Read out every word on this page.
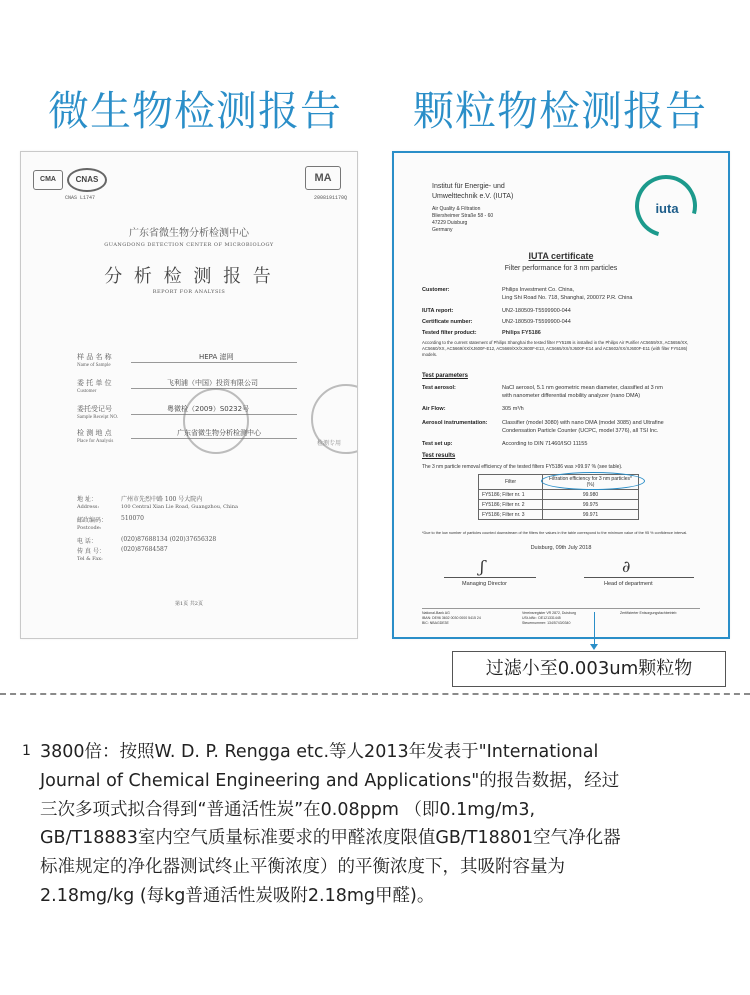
微生物检测报告 颗粒物检测报告
CMA	CNAS
CNAS L1747
MA
2008191170Q
广东省微生物分析检测中心
GUANGDONG DETECTION CENTER OF MICROBIOLOGY
分 析 检 测 报 告
REPORT FOR ANALYSIS
样 品 名 称
Name of Sample
HEPA 滤网
委 托 单 位
Customer
飞利浦（中国）投资有限公司
委托受记号
Sample Receipt NO.
粤微检（2009）S0232号
检 测 地 点
Place for Analysis
广东省微生物分析检测中心
检测专用
地 址：	广州市先烈中路 100 号大院内
Address:	100 Central Xian Lie Road, Guangzhou, China
邮政编码： 510070
Postcode:
电 话：	(020)87688134 (020)37656328
传 真 号：	(020)87684587
Tel & Fax:
第1页 共2页
Institut für Energie- und
Umwelttechnik e.V. (IUTA)
Air Quality & Filtration
Bliersheimer Straße 58 - 60
47229 Duisburg
Germany
iuta
IUTA certificate
Filter performance for 3 nm particles
Customer:	Philips Investment Co. China,
Ling Shi Road No. 718, Shanghai, 200072 P.R. China
IUTA report:	UN2-180509-T5599900-044
Certificate number:	UN2-180509-T5599900-044
Tested filter product:	Philips FY5186
According to the current statement of Philips Shanghai the tested filter FY5186 is installed in the Philips Air Purifier AC5659/XX, AC5656/XX, AC5660/XX, AC5669/XX/XJ600F-E12, AC5669/XX/XJ600F-E13, AC5665/XX/XJ600F-E14 and AC5602/XX/XJ600F-E11 (with filter FY5186) models.
Test parameters
Test aerosol:	NaCl aerosol, 5.1 nm geometric mean diameter, classified at 3 nm
with nanometer differential mobility analyzer (nano DMA)
Air Flow:	305 m³/h
Aerosol instrumentation:	Classifier (model 3080) with nano DMA (model 3085) and Ultrafine
Condensation Particle Counter (UCPC, model 3776), all TSI Inc.
Test set up:	According to DIN 71460/ISO 11155
Test results
The 3 nm particle removal efficiency of the tested filters FY5186 was >99.97 % (see table).
Filter	Filtration efficiency for 3 nm particles* (%)
FY5186; Filter nr. 1	99.980
FY5186; Filter nr. 2	99.975
FY5186; Filter nr. 3	99.971
*Due to the low number of particles counted downstream of the filters the values in the table correspond to the minimum value of the 95 % confidence interval.
Duisburg, 09th July 2018
ʃ	∂
Managing Director	Head of department
National-Bank AG
IBAN: DE96 3602 0030 0000 5415 24
BIC: NBAGDE3E
Vereinsregister VR 2872, Duisburg
USt-IdNr.: DE121331445
Steuernummer: 134/5743/0340
Zertifizierter Entsorgungsfachbetrieb
过滤小至0.003um颗粒物
1 3800倍：按照W. D. P. Rengga etc.等人2013年发表于"International
Journal of Chemical Engineering and Applications"的报告数据，经过
三次多项式拟合得到“普通活性炭”在0.08ppm （即0.1mg/m3,
GB/T18883室内空气质量标准要求的甲醛浓度限值GB/T18801空气净化器
标准规定的净化器测试终止平衡浓度）的平衡浓度下，其吸附容量为
2.18mg/kg (每kg普通活性炭吸附2.18mg甲醛)。
